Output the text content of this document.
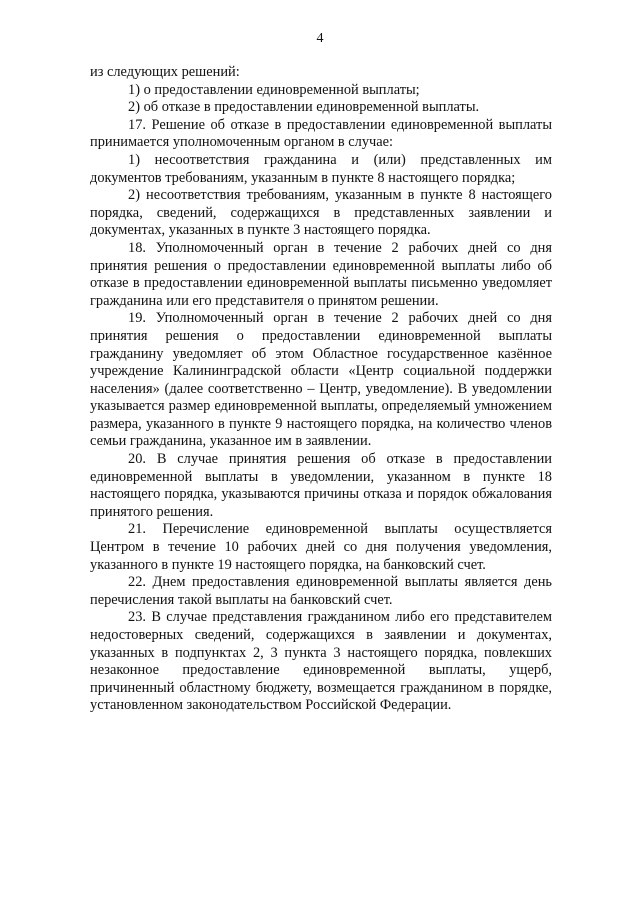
4

из следующих решений:

1) о предоставлении единовременной выплаты;

2) об отказе в предоставлении единовременной выплаты.

17. Решение об отказе в предоставлении единовременной выплаты принимается уполномоченным органом в случае:

1) несоответствия гражданина и (или) представленных им документов требованиям, указанным в пункте 8 настоящего порядка;

2) несоответствия требованиям, указанным в пункте 8 настоящего порядка, сведений, содержащихся в представленных заявлении и документах, указанных в пункте 3 настоящего порядка.

18. Уполномоченный орган в течение 2 рабочих дней со дня принятия решения о предоставлении единовременной выплаты либо об отказе в предоставлении единовременной выплаты письменно уведомляет гражданина или его представителя о принятом решении.

19. Уполномоченный орган в течение 2 рабочих дней со дня принятия решения о предоставлении единовременной выплаты гражданину уведомляет об этом Областное государственное казённое учреждение Калининградской области «Центр социальной поддержки населения» (далее соответственно – Центр, уведомление). В уведомлении указывается размер единовременной выплаты, определяемый умножением размера, указанного в пункте 9 настоящего порядка, на количество членов семьи гражданина, указанное им в заявлении.

20. В случае принятия решения об отказе в предоставлении единовременной выплаты в уведомлении, указанном в пункте 18 настоящего порядка, указываются причины отказа и порядок обжалования принятого решения.

21. Перечисление единовременной выплаты осуществляется Центром в течение 10 рабочих дней со дня получения уведомления, указанного в пункте 19 настоящего порядка, на банковский счет.

22. Днем предоставления единовременной выплаты является день перечисления такой выплаты на банковский счет.

23. В случае представления гражданином либо его представителем недостоверных сведений, содержащихся в заявлении и документах, указанных в подпунктах 2, 3 пункта 3 настоящего порядка, повлекших незаконное предоставление единовременной выплаты, ущерб, причиненный областному бюджету, возмещается гражданином в порядке, установленном законодательством Российской Федерации.
